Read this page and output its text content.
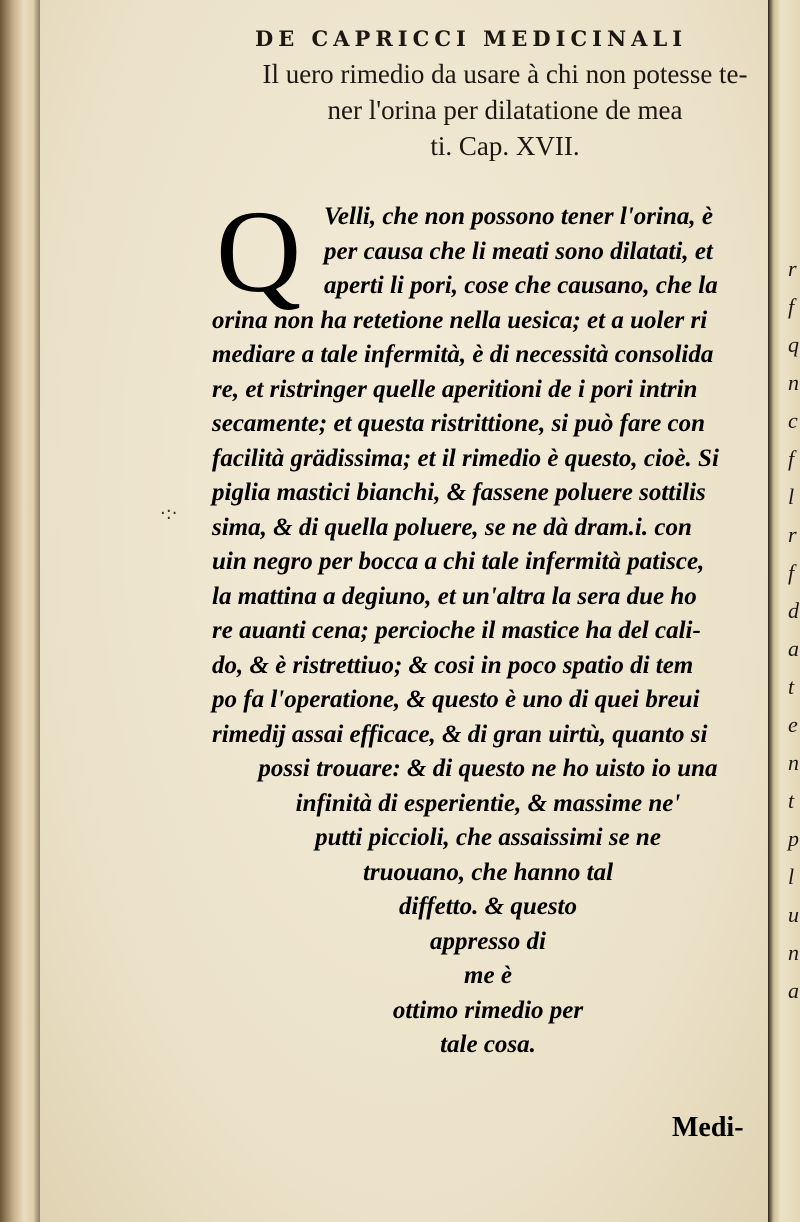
DE CAPRICCI MEDICINALI
Il uero rimedio da usare à chi non potesse te-
ner l'orina per dilatatione de mea
ti. Cap. XVII.
Q Velli, che non possono tener l'orina, è
per causa che li meati sono dilatati, et
aperti li pori, cose che causano, che la
orina non ha retetione nella uesica; et a uoler ri
mediare a tale infermità, è di necessità consolida
re, et ristringer quelle aperitioni de i pori intrin
secamente; et questa ristrittione, si può fare con
facilità grädissima; et il rimedio è questo, cioè. Si
piglia mastici bianchi, & fassene poluere sottilis
sima, & di quella poluere, se ne dà dram.i. con
uin negro per bocca a chi tale infermità patisce,
la mattina a degiuno, et un'altra la sera due ho
re auanti cena; percioche il mastice ha del cali-
do, & è ristrettiuo; & cosi in poco spatio di tem
po fa l'operatione, & questo è uno di quei breui
rimedij assai efficace, & di gran uirtù, quanto si
possi trouare: & di questo ne ho uisto io una
infinità di esperientie, & massime ne'
putti piccioli, che assaissimi se ne
truouano, che hanno tal
diffetto. & questo
appresso di
me è
ottimo rimedio per
tale cosa.
·:·
Medi-
r
f
q
n
c
f
l
r
f
d
a
t
e
n
t
p
l
u
n
a
